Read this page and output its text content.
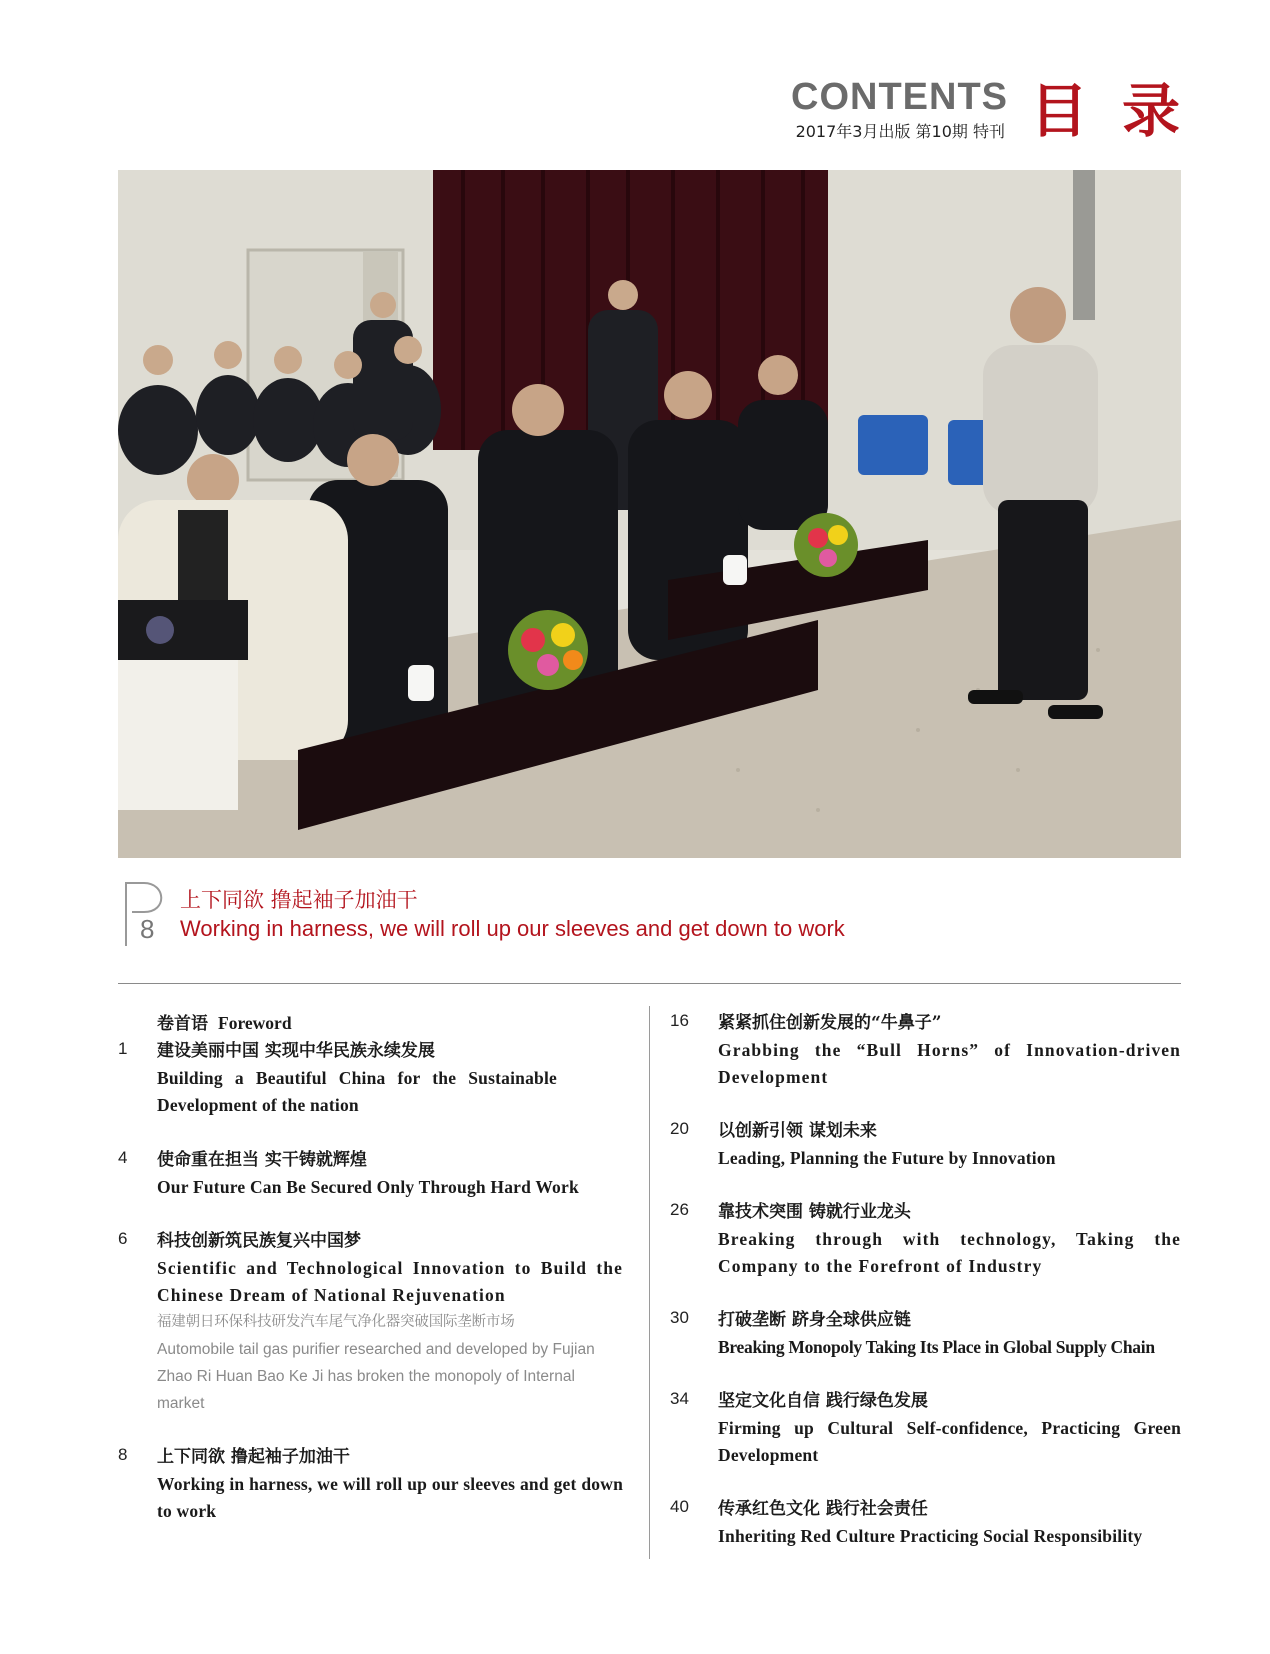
CONTENTS
2017年3月出版 第10期 特刊 目录
8
上下同欲 撸起袖子加油干
Working in harness, we will roll up our sleeves and get down to work
卷首语 Foreword
1	建设美丽中国 实现中华民族永续发展
Building a Beautiful China for the Sustainable Development of the nation
4	使命重在担当 实干铸就辉煌
Our Future Can Be Secured Only Through Hard Work
6	科技创新筑民族复兴中国梦
Scientific and Technological Innovation to Build the Chinese Dream of National Rejuvenation
福建朝日环保科技研发汽车尾气净化器突破国际垄断市场
Automobile tail gas purifier researched and developed by Fujian Zhao Ri Huan Bao Ke Ji has broken the monopoly of Internal market
8	上下同欲 撸起袖子加油干
Working in harness, we will roll up our sleeves and get down to work
16	紧紧抓住创新发展的“牛鼻子”
Grabbing the “Bull Horns” of Innovation-driven Development
20	以创新引领 谋划未来
Leading, Planning the Future by Innovation
26	靠技术突围 铸就行业龙头
Breaking through with technology, Taking the Company to the Forefront of Industry
30	打破垄断 跻身全球供应链
Breaking Monopoly Taking Its Place in Global Supply Chain
34	坚定文化自信 践行绿色发展
Firming up Cultural Self-confidence, Practicing Green Development
40	传承红色文化 践行社会责任
Inheriting Red Culture Practicing Social Responsibility
